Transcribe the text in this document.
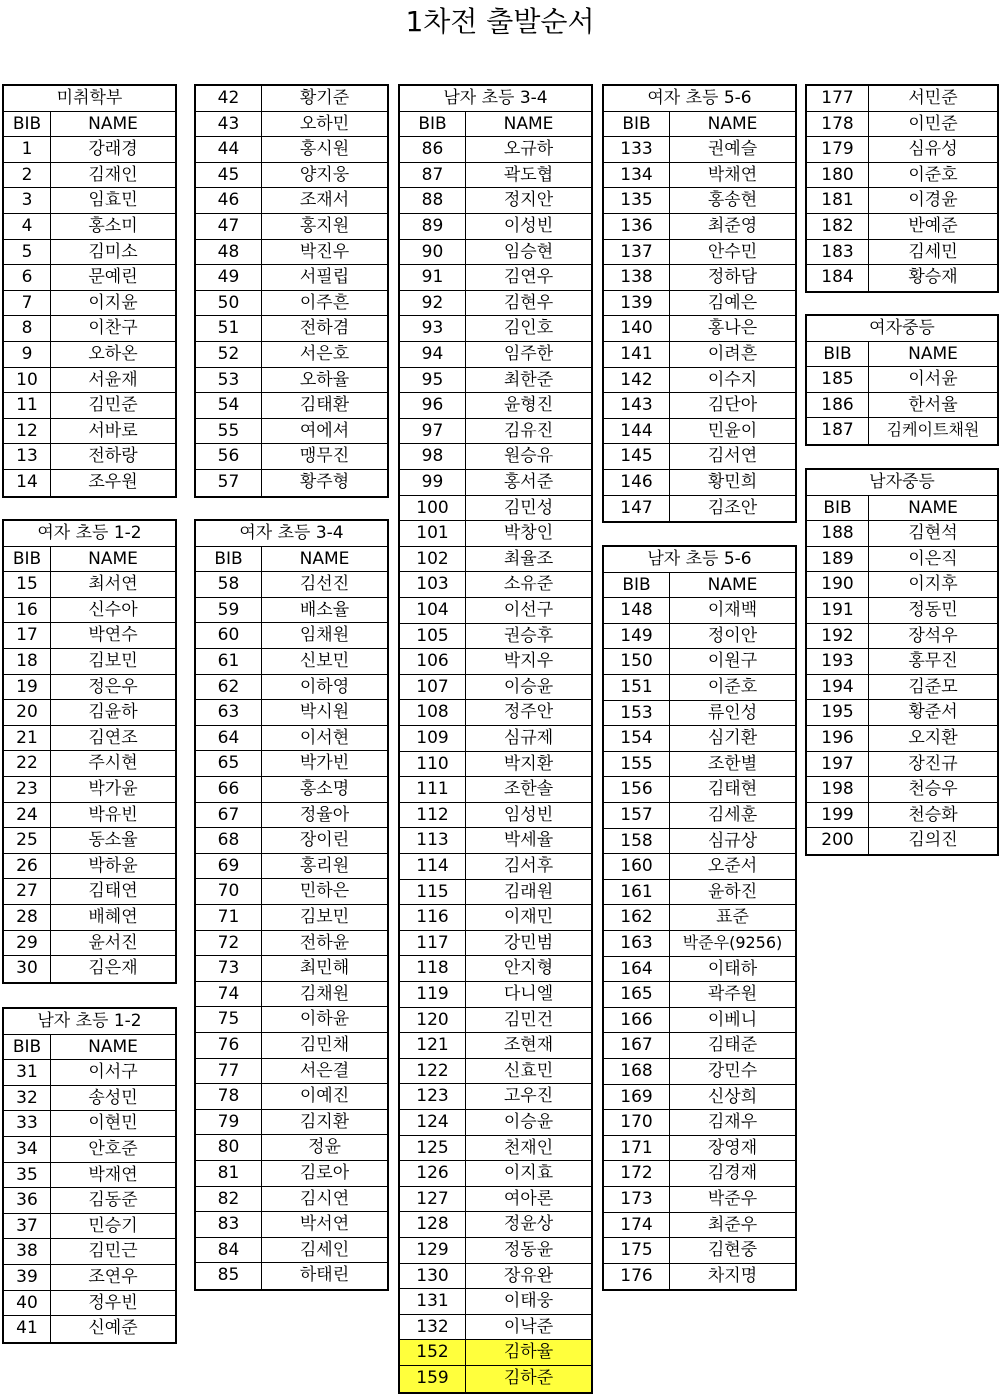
1차전 출발순서
미취학부
BIB	NAME
1	강래경
2	김재인
3	임효민
4	홍소미
5	김미소
6	문예린
7	이지윤
8	이찬구
9	오하온
10	서윤재
11	김민준
12	서바로
13	전하랑
14	조우원
여자 초등 1-2
BIB	NAME
15	최서연
16	신수아
17	박연수
18	김보민
19	정은우
20	김윤하
21	김연조
22	주시현
23	박가윤
24	박유빈
25	동소율
26	박하윤
27	김태연
28	배혜연
29	윤서진
30	김은재
남자 초등 1-2
BIB	NAME
31	이서구
32	송성민
33	이현민
34	안호준
35	박재연
36	김동준
37	민승기
38	김민근
39	조연우
40	정우빈
41	신예준
42	황기준
43	오하민
44	홍시원
45	양지웅
46	조재서
47	홍지원
48	박진우
49	서필립
50	이주흔
51	전하겸
52	서은호
53	오하율
54	김태환
55	여에셔
56	맹무진
57	황주형
여자 초등 3-4
BIB	NAME
58	김선진
59	배소율
60	임채원
61	신보민
62	이하영
63	박시원
64	이서현
65	박가빈
66	홍소명
67	정율아
68	장이린
69	홍리원
70	민하은
71	김보민
72	전하윤
73	최민해
74	김채원
75	이하윤
76	김민채
77	서은결
78	이예진
79	김지환
80	정윤
81	김로아
82	김시연
83	박서연
84	김세인
85	하태린
남자 초등 3-4
BIB	NAME
86	오규하
87	곽도협
88	정지안
89	이성빈
90	임승현
91	김연우
92	김현우
93	김인호
94	임주한
95	최한준
96	윤형진
97	김유진
98	원승유
99	홍서준
100	김민성
101	박창인
102	최율조
103	소유준
104	이선구
105	권승후
106	박지우
107	이승윤
108	정주안
109	심규제
110	박지환
111	조한솔
112	임성빈
113	박세율
114	김서후
115	김래원
116	이재민
117	강민범
118	안지형
119	다니엘
120	김민건
121	조현재
122	신효민
123	고우진
124	이승윤
125	천재인
126	이지효
127	여아론
128	정윤상
129	정동윤
130	장유완
131	이태웅
132	이낙준
152	김하율
159	김하준
여자 초등 5-6
BIB	NAME
133	권예슬
134	박채연
135	홍송현
136	최준영
137	안수민
138	정하담
139	김예은
140	홍나은
141	이려흔
142	이수지
143	김단아
144	민윤이
145	김서연
146	황민희
147	김조안
남자 초등 5-6
BIB	NAME
148	이재백
149	정이안
150	이원구
151	이준호
153	류인성
154	심기환
155	조한별
156	김태현
157	김세훈
158	심규상
160	오준서
161	윤하진
162	표준
163	박준우(9256)
164	이태하
165	곽주원
166	이베니
167	김태준
168	강민수
169	신상희
170	김재우
171	장영재
172	김경재
173	박준우
174	최준우
175	김현중
176	차지명
177	서민준
178	이민준
179	심유성
180	이준호
181	이경윤
182	반예준
183	김세민
184	황승재
여자중등
BIB	NAME
185	이서윤
186	한서율
187	김케이트채원
남자중등
BIB	NAME
188	김현석
189	이은직
190	이지후
191	정동민
192	장석우
193	홍무진
194	김준모
195	황준서
196	오지환
197	장진규
198	천승우
199	천승화
200	김의진
